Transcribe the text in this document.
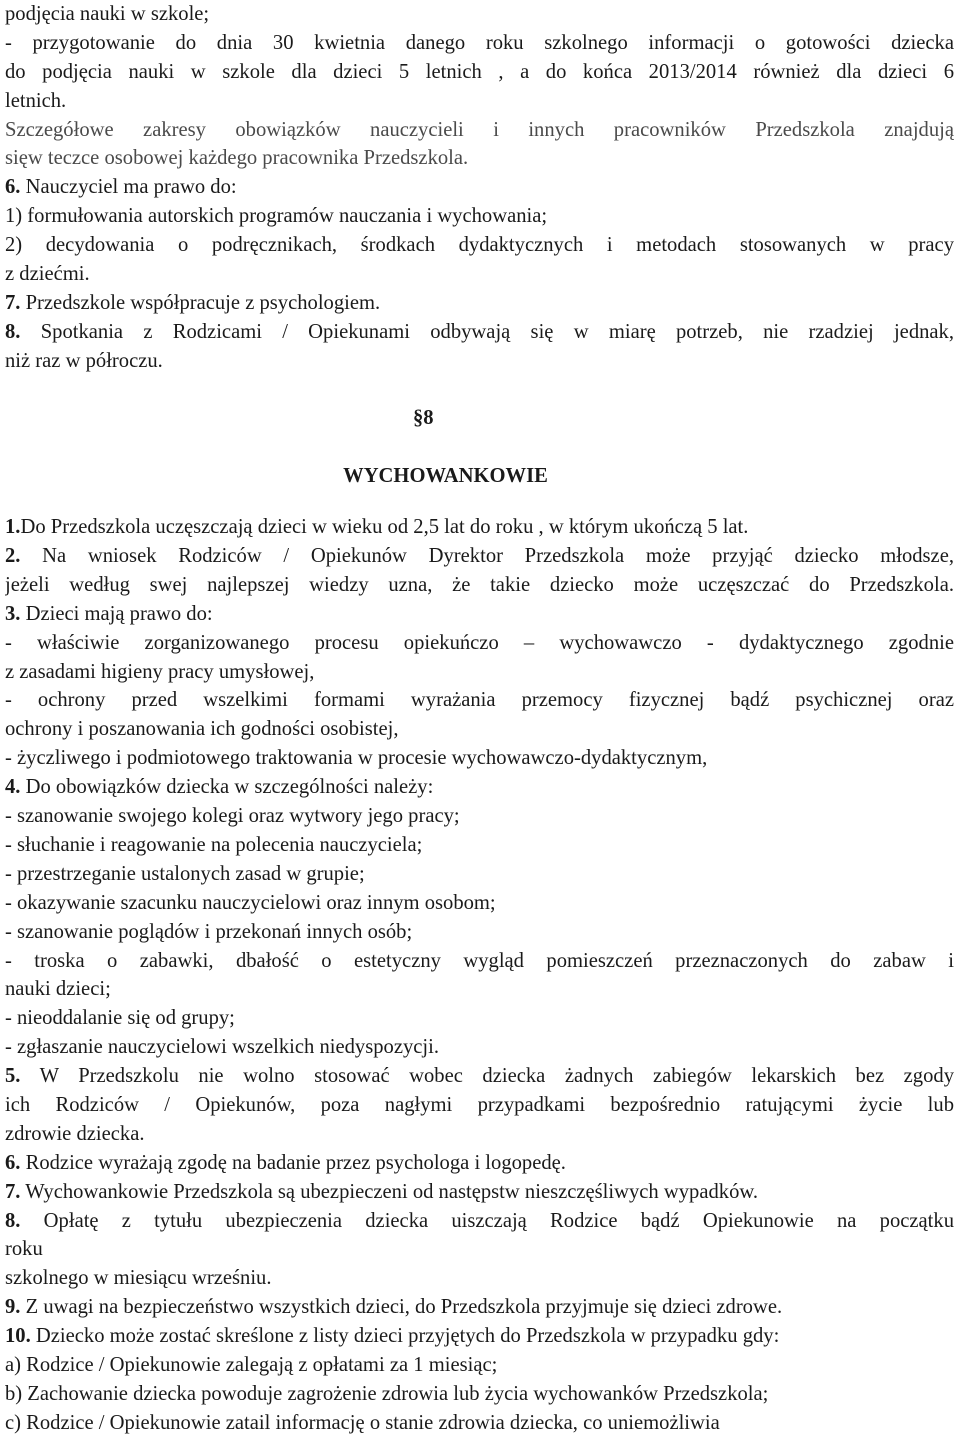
podjęcia nauki w szkole;
- przygotowanie do dnia 30 kwietnia danego roku szkolnego informacji o gotowości dziecka
do podjęcia nauki w szkole dla dzieci 5 letnich , a do końca 2013/2014 również dla dzieci 6
letnich.
Szczegółowe zakresy obowiązków nauczycieli i innych pracowników Przedszkola znajdują
sięw teczce osobowej każdego pracownika Przedszkola.
6. Nauczyciel ma prawo do:
1) formułowania autorskich programów nauczania i wychowania;
2) decydowania o podręcznikach, środkach dydaktycznych i metodach stosowanych w pracy
z dziećmi.
7. Przedszkole współpracuje z psychologiem.
8. Spotkania z Rodzicami / Opiekunami odbywają się w miarę potrzeb, nie rzadziej jednak,
niż raz w półroczu.
§8
WYCHOWANKOWIE
1.Do Przedszkola uczęszczają dzieci w wieku od 2,5 lat do roku , w którym ukończą 5 lat.
2. Na wniosek Rodziców / Opiekunów Dyrektor Przedszkola może przyjąć dziecko młodsze,
jeżeli według swej najlepszej wiedzy uzna, że takie dziecko może uczęszczać do Przedszkola.
3. Dzieci mają prawo do:
- właściwie zorganizowanego procesu opiekuńczo – wychowawczo - dydaktycznego zgodnie
z zasadami higieny pracy umysłowej,
- ochrony przed wszelkimi formami wyrażania przemocy fizycznej bądź psychicznej oraz
ochrony i poszanowania ich godności osobistej,
- życzliwego i podmiotowego traktowania w procesie wychowawczo-dydaktycznym,
4. Do obowiązków dziecka w szczególności należy:
- szanowanie swojego kolegi oraz wytwory jego pracy;
- słuchanie i reagowanie na polecenia nauczyciela;
- przestrzeganie ustalonych zasad w grupie;
- okazywanie szacunku nauczycielowi oraz innym osobom;
- szanowanie poglądów i przekonań innych osób;
- troska o zabawki, dbałość o estetyczny wygląd pomieszczeń przeznaczonych do zabaw i
nauki dzieci;
- nieoddalanie się od grupy;
- zgłaszanie nauczycielowi wszelkich niedyspozycji.
5. W Przedszkolu nie wolno stosować wobec dziecka żadnych zabiegów lekarskich bez zgody
ich Rodziców / Opiekunów, poza nagłymi przypadkami bezpośrednio ratującymi życie lub
zdrowie dziecka.
6. Rodzice wyrażają zgodę na badanie przez psychologa i logopedę.
7. Wychowankowie Przedszkola są ubezpieczeni od następstw nieszczęśliwych wypadków.
8. Opłatę z tytułu ubezpieczenia dziecka uiszczają Rodzice bądź Opiekunowie na początku
roku
szkolnego w miesiącu wrześniu.
9. Z uwagi na bezpieczeństwo wszystkich dzieci, do Przedszkola przyjmuje się dzieci zdrowe.
10. Dziecko może zostać skreślone z listy dzieci przyjętych do Przedszkola w przypadku gdy:
a) Rodzice / Opiekunowie zalegają z opłatami za 1 miesiąc;
b) Zachowanie dziecka powoduje zagrożenie zdrowia lub życia wychowanków Przedszkola;
c) Rodzice / Opiekunowie zatail informację o stanie zdrowia dziecka, co uniemożliwia
